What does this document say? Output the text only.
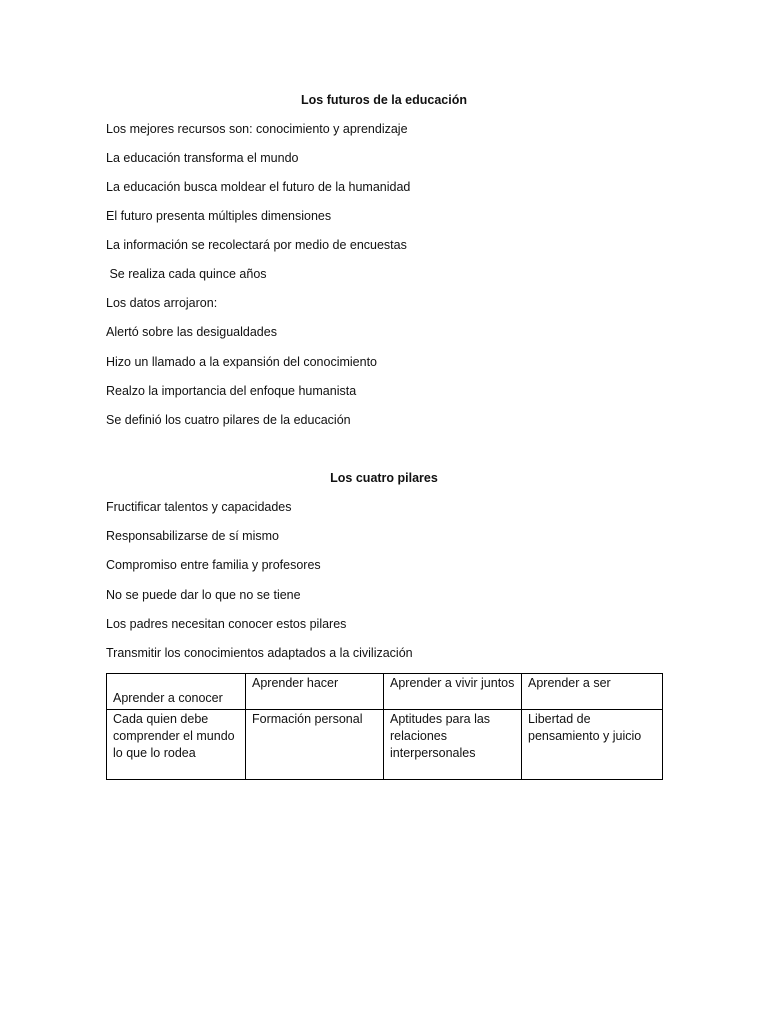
Los futuros de la educación
Los mejores recursos son: conocimiento y aprendizaje
La educación transforma el mundo
La educación busca moldear el futuro de la humanidad
El futuro presenta múltiples dimensiones
La información se recolectará por medio de encuestas
Se realiza cada quince años
Los datos arrojaron:
Alertó sobre las desigualdades
Hizo un llamado a la expansión del conocimiento
Realzo la importancia del enfoque humanista
Se definió los cuatro pilares de la educación
Los cuatro pilares
Fructificar talentos y capacidades
Responsabilizarse de sí mismo
Compromiso entre familia y profesores
No se puede dar lo que no se tiene
Los padres necesitan conocer estos pilares
Transmitir los conocimientos adaptados a la civilización
Aprender a conocer	Aprender hacer	Aprender a vivir juntos	Aprender a ser
Cada quien debe comprender el mundo lo que lo rodea	Formación personal	Aptitudes para las relaciones interpersonales	Libertad de pensamiento y juicio
